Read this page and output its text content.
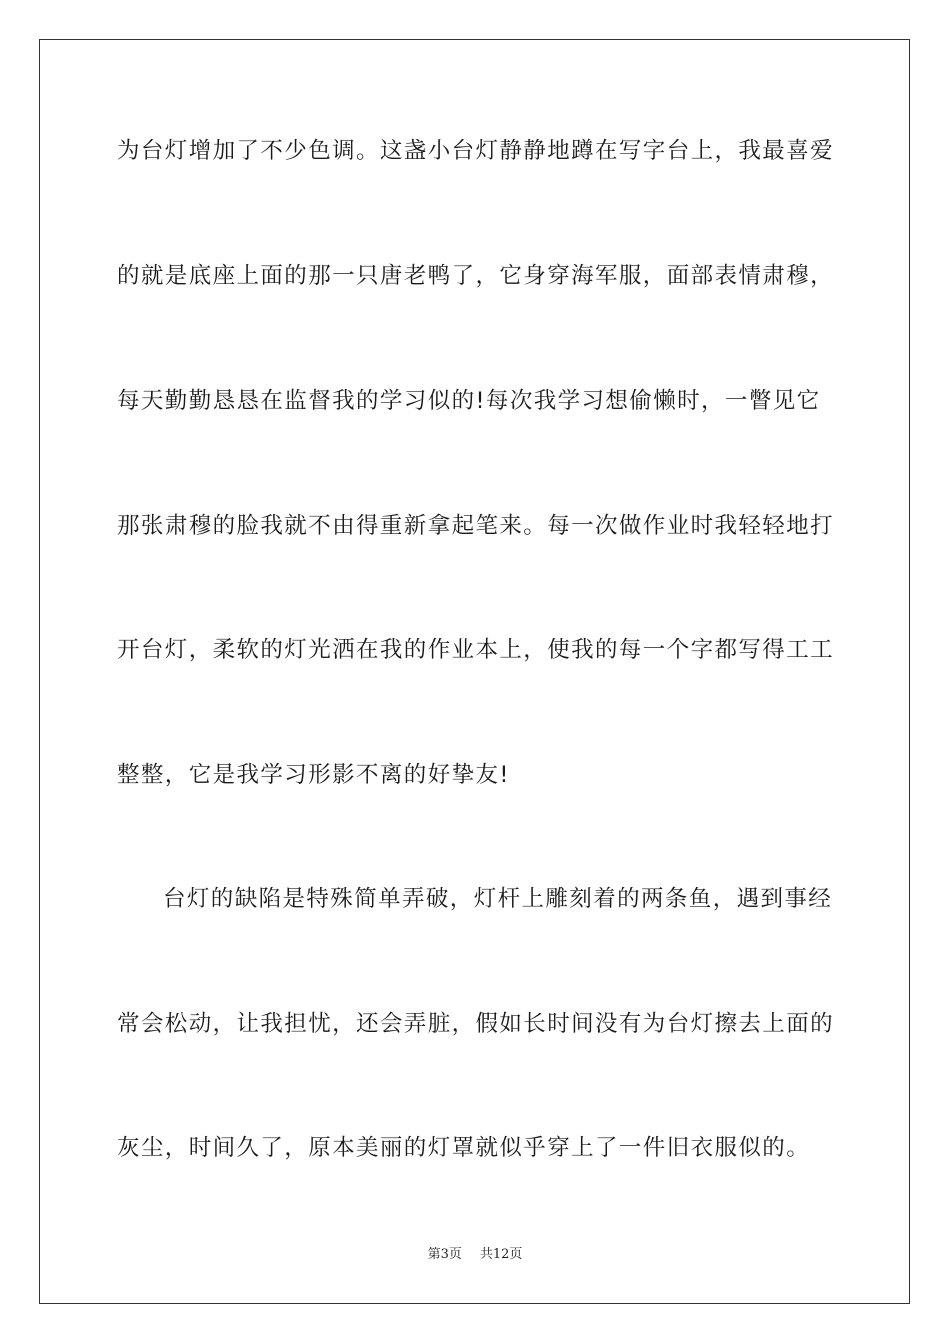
为台灯增加了不少色调。这盏小台灯静静地蹲在写字台上，我最喜爱
的就是底座上面的那一只唐老鸭了，它身穿海军服，面部表情肃穆，
每天勤勤恳恳在监督我的学习似的!每次我学习想偷懒时，一瞥见它
那张肃穆的脸我就不由得重新拿起笔来。每一次做作业时我轻轻地打
开台灯，柔软的灯光洒在我的作业本上，使我的每一个字都写得工工
整整，它是我学习形影不离的好挚友!
台灯的缺陷是特殊简单弄破，灯杆上雕刻着的两条鱼，遇到事经
常会松动，让我担忧，还会弄脏，假如长时间没有为台灯擦去上面的
灰尘，时间久了，原本美丽的灯罩就似乎穿上了一件旧衣服似的。
第3页 共12页
